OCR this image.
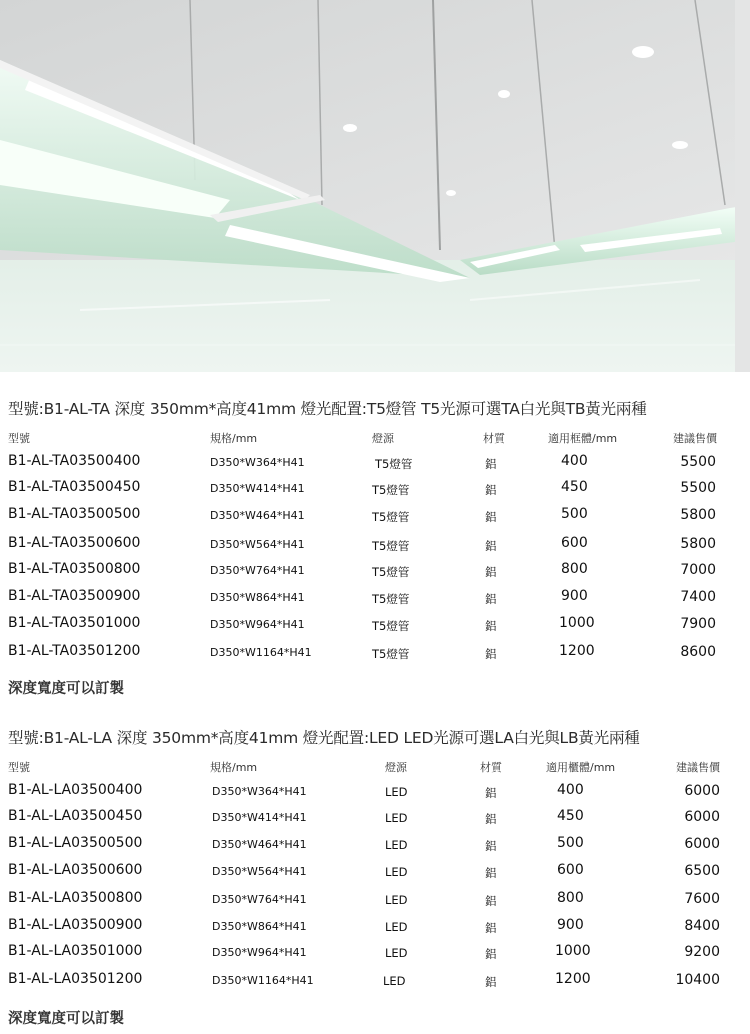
型號:B1-AL-TA 深度 350mm*高度41mm 燈光配置:T5燈管 T5光源可選TA白光與TB黃光兩種
型號	規格/mm	燈源	材質	適用框體/mm	建議售價
B1-AL-TA03500400	D350*W364*H41	T5燈管	鋁	400	5500
B1-AL-TA03500450	D350*W414*H41	T5燈管	鋁	450	5500
B1-AL-TA03500500	D350*W464*H41	T5燈管	鋁	500	5800
B1-AL-TA03500600	D350*W564*H41	T5燈管	鋁	600	5800
B1-AL-TA03500800	D350*W764*H41	T5燈管	鋁	800	7000
B1-AL-TA03500900	D350*W864*H41	T5燈管	鋁	900	7400
B1-AL-TA03501000	D350*W964*H41	T5燈管	鋁	1000	7900
B1-AL-TA03501200	D350*W1164*H41	T5燈管	鋁	1200	8600
深度寬度可以訂製
型號:B1-AL-LA 深度 350mm*高度41mm 燈光配置:LED LED光源可選LA白光與LB黃光兩種
型號	規格/mm	燈源	材質	適用櫃體/mm	建議售價
B1-AL-LA03500400	D350*W364*H41	LED	鋁	400	6000
B1-AL-LA03500450	D350*W414*H41	LED	鋁	450	6000
B1-AL-LA03500500	D350*W464*H41	LED	鋁	500	6000
B1-AL-LA03500600	D350*W564*H41	LED	鋁	600	6500
B1-AL-LA03500800	D350*W764*H41	LED	鋁	800	7600
B1-AL-LA03500900	D350*W864*H41	LED	鋁	900	8400
B1-AL-LA03501000	D350*W964*H41	LED	鋁	1000	9200
B1-AL-LA03501200	D350*W1164*H41	LED	鋁	1200	10400
深度寬度可以訂製
